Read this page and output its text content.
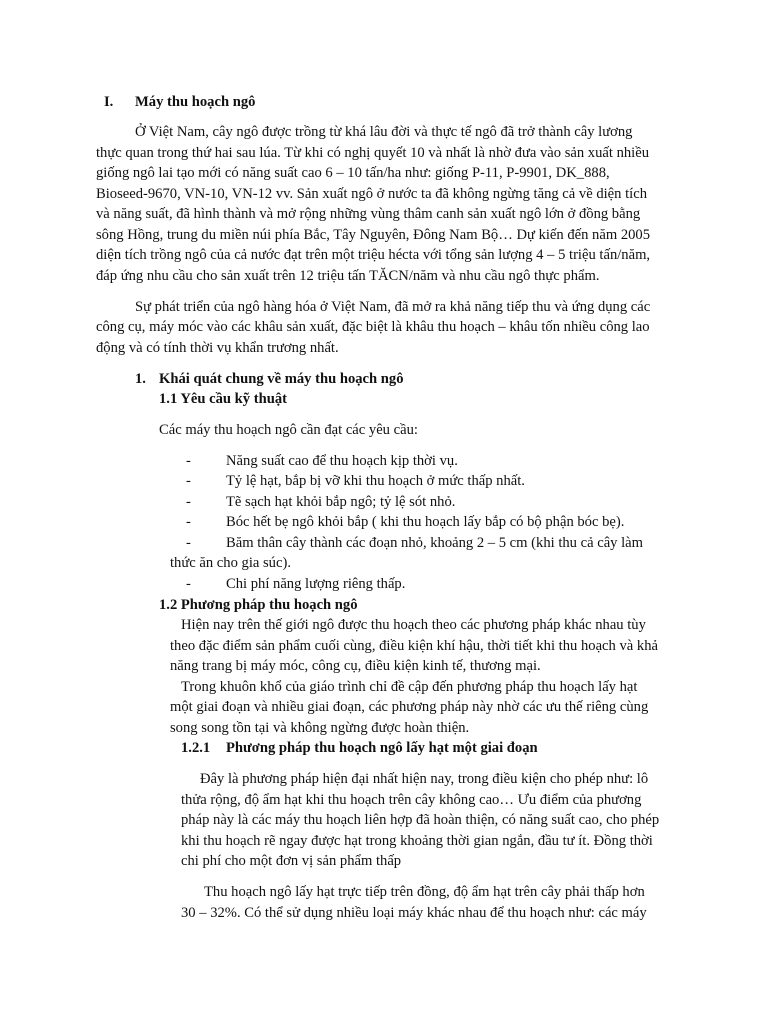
I. Máy thu hoạch ngô
Ở Việt Nam, cây ngô được trồng từ khá lâu đời và thực tế ngô đã trở thành cây lương
thực quan trong thứ hai sau lúa. Từ khi có nghị quyết 10 và nhất là nhờ đưa vào sản xuất nhiều
giống ngô lai tạo mới có năng suất cao 6 – 10 tấn/ha như: giống P-11, P-9901, DK_888,
Bioseed-9670, VN-10, VN-12 vv. Sản xuất ngô ở nước ta đã không ngừng tăng cả về diện tích
và năng suất, đã hình thành và mở rộng những vùng thâm canh sản xuất ngô lớn ở đồng bằng
sông Hồng, trung du miền núi phía Bắc, Tây Nguyên, Đông Nam Bộ… Dự kiến đến năm 2005
diện tích trồng ngô của cả nước đạt trên một triệu hécta với tổng sản lượng 4 – 5 triệu tấn/năm,
đáp ứng nhu cầu cho sản xuất trên 12 triệu tấn TĂCN/năm và nhu cầu ngô thực phẩm.
Sự phát triển của ngô hàng hóa ở Việt Nam, đã mở ra khả năng tiếp thu và ứng dụng các
công cụ, máy móc vào các khâu sản xuất, đặc biệt là khâu thu hoạch – khâu tốn nhiều công lao
động và có tính thời vụ khẩn trương nhất.
1. Khái quát chung về máy thu hoạch ngô
1.1 Yêu cầu kỹ thuật
Các máy thu hoạch ngô cần đạt các yêu cầu:
- Năng suất cao để thu hoạch kịp thời vụ.
- Tỷ lệ hạt, bắp bị vỡ khi thu hoạch ở mức thấp nhất.
- Tẽ sạch hạt khỏi bắp ngô; tỷ lệ sót nhỏ.
- Bóc hết bẹ ngô khỏi bắp ( khi thu hoạch lấy bắp có bộ phận bóc bẹ).
- Băm thân cây thành các đoạn nhỏ, khoảng 2 – 5 cm (khi thu cả cây làm
thức ăn cho gia súc).
- Chi phí năng lượng riêng thấp.
1.2 Phương pháp thu hoạch ngô
Hiện nay trên thế giới ngô được thu hoạch theo các phương pháp khác nhau tùy
theo đặc điểm sản phẩm cuối cùng, điều kiện khí hậu, thời tiết khi thu hoạch và khả
năng trang bị máy móc, công cụ, điều kiện kinh tế, thương mại.
Trong khuôn khổ của giáo trình chỉ đề cập đến phương pháp thu hoạch lấy hạt
một giai đoạn và nhiều giai đoạn, các phương pháp này nhờ các ưu thế riêng cùng
song song tồn tại và không ngừng được hoàn thiện.
1.2.1 Phương pháp thu hoạch ngô lấy hạt một giai đoạn
Đây là phương pháp hiện đại nhất hiện nay, trong điều kiện cho phép như: lô
thửa rộng, độ ẩm hạt khi thu hoạch trên cây không cao… Ưu điểm của phương
pháp này là các máy thu hoạch liên hợp đã hoàn thiện, có năng suất cao, cho phép
khi thu hoạch rẽ ngay được hạt trong khoảng thời gian ngắn, đầu tư ít. Đồng thời
chi phí cho một đơn vị sản phẩm thấp
Thu hoạch ngô lấy hạt trực tiếp trên đồng, độ ẩm hạt trên cây phải thấp hơn
30 – 32%. Có thể sử dụng nhiều loại máy khác nhau để thu hoạch như: các máy
